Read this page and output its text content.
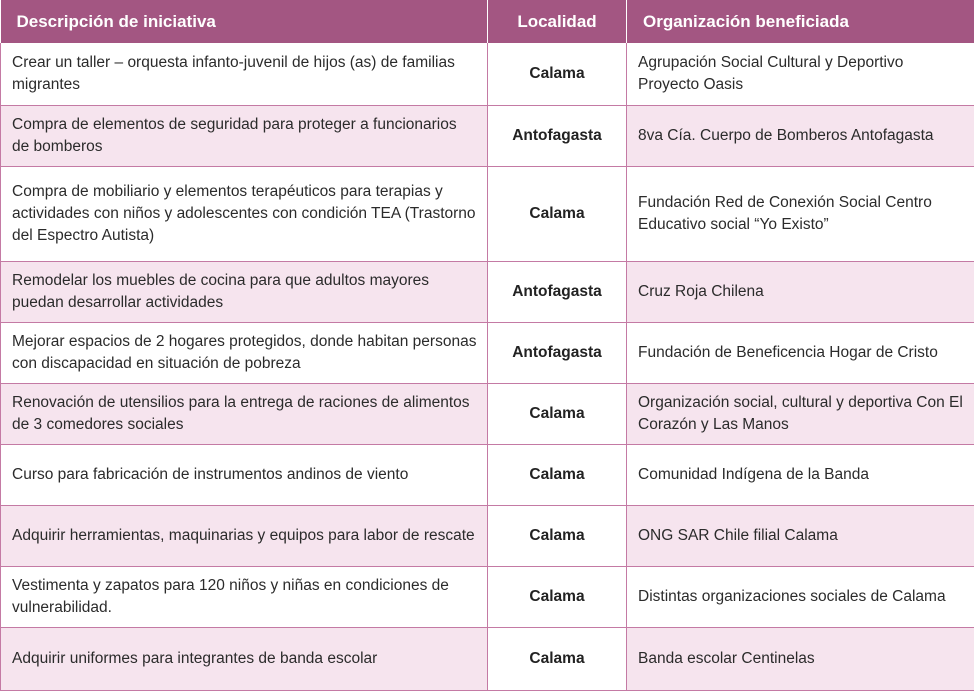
Descripción de iniciativa	Localidad	Organización beneficiada
Crear un taller – orquesta infanto-juvenil de hijos (as) de familias migrantes	Calama	Agrupación Social Cultural y Deportivo Proyecto Oasis
Compra de elementos de seguridad para proteger a funcionarios de bomberos	Antofagasta	8va Cía. Cuerpo de Bomberos Antofagasta
Compra de mobiliario y elementos terapéuticos para terapias y actividades con niños y adolescentes con condición TEA (Trastorno del Espectro Autista)	Calama	Fundación Red de Conexión Social Centro Educativo social “Yo Existo”
Remodelar los muebles de cocina para que adultos mayores puedan desarrollar actividades	Antofagasta	Cruz Roja Chilena
Mejorar espacios de 2 hogares protegidos, donde habitan personas con discapacidad en situación de pobreza	Antofagasta	Fundación de Beneficencia Hogar de Cristo
Renovación de utensilios para la entrega de raciones de alimentos de 3 comedores sociales	Calama	Organización social, cultural y deportiva Con El Corazón y Las Manos
Curso para fabricación de instrumentos andinos de viento	Calama	Comunidad Indígena de la Banda
Adquirir herramientas, maquinarias y equipos para labor de rescate	Calama	ONG SAR Chile filial Calama
Vestimenta y zapatos para 120 niños y niñas en condiciones de vulnerabilidad.	Calama	Distintas organizaciones sociales de Calama
Adquirir uniformes para integrantes de banda escolar	Calama	Banda escolar Centinelas
